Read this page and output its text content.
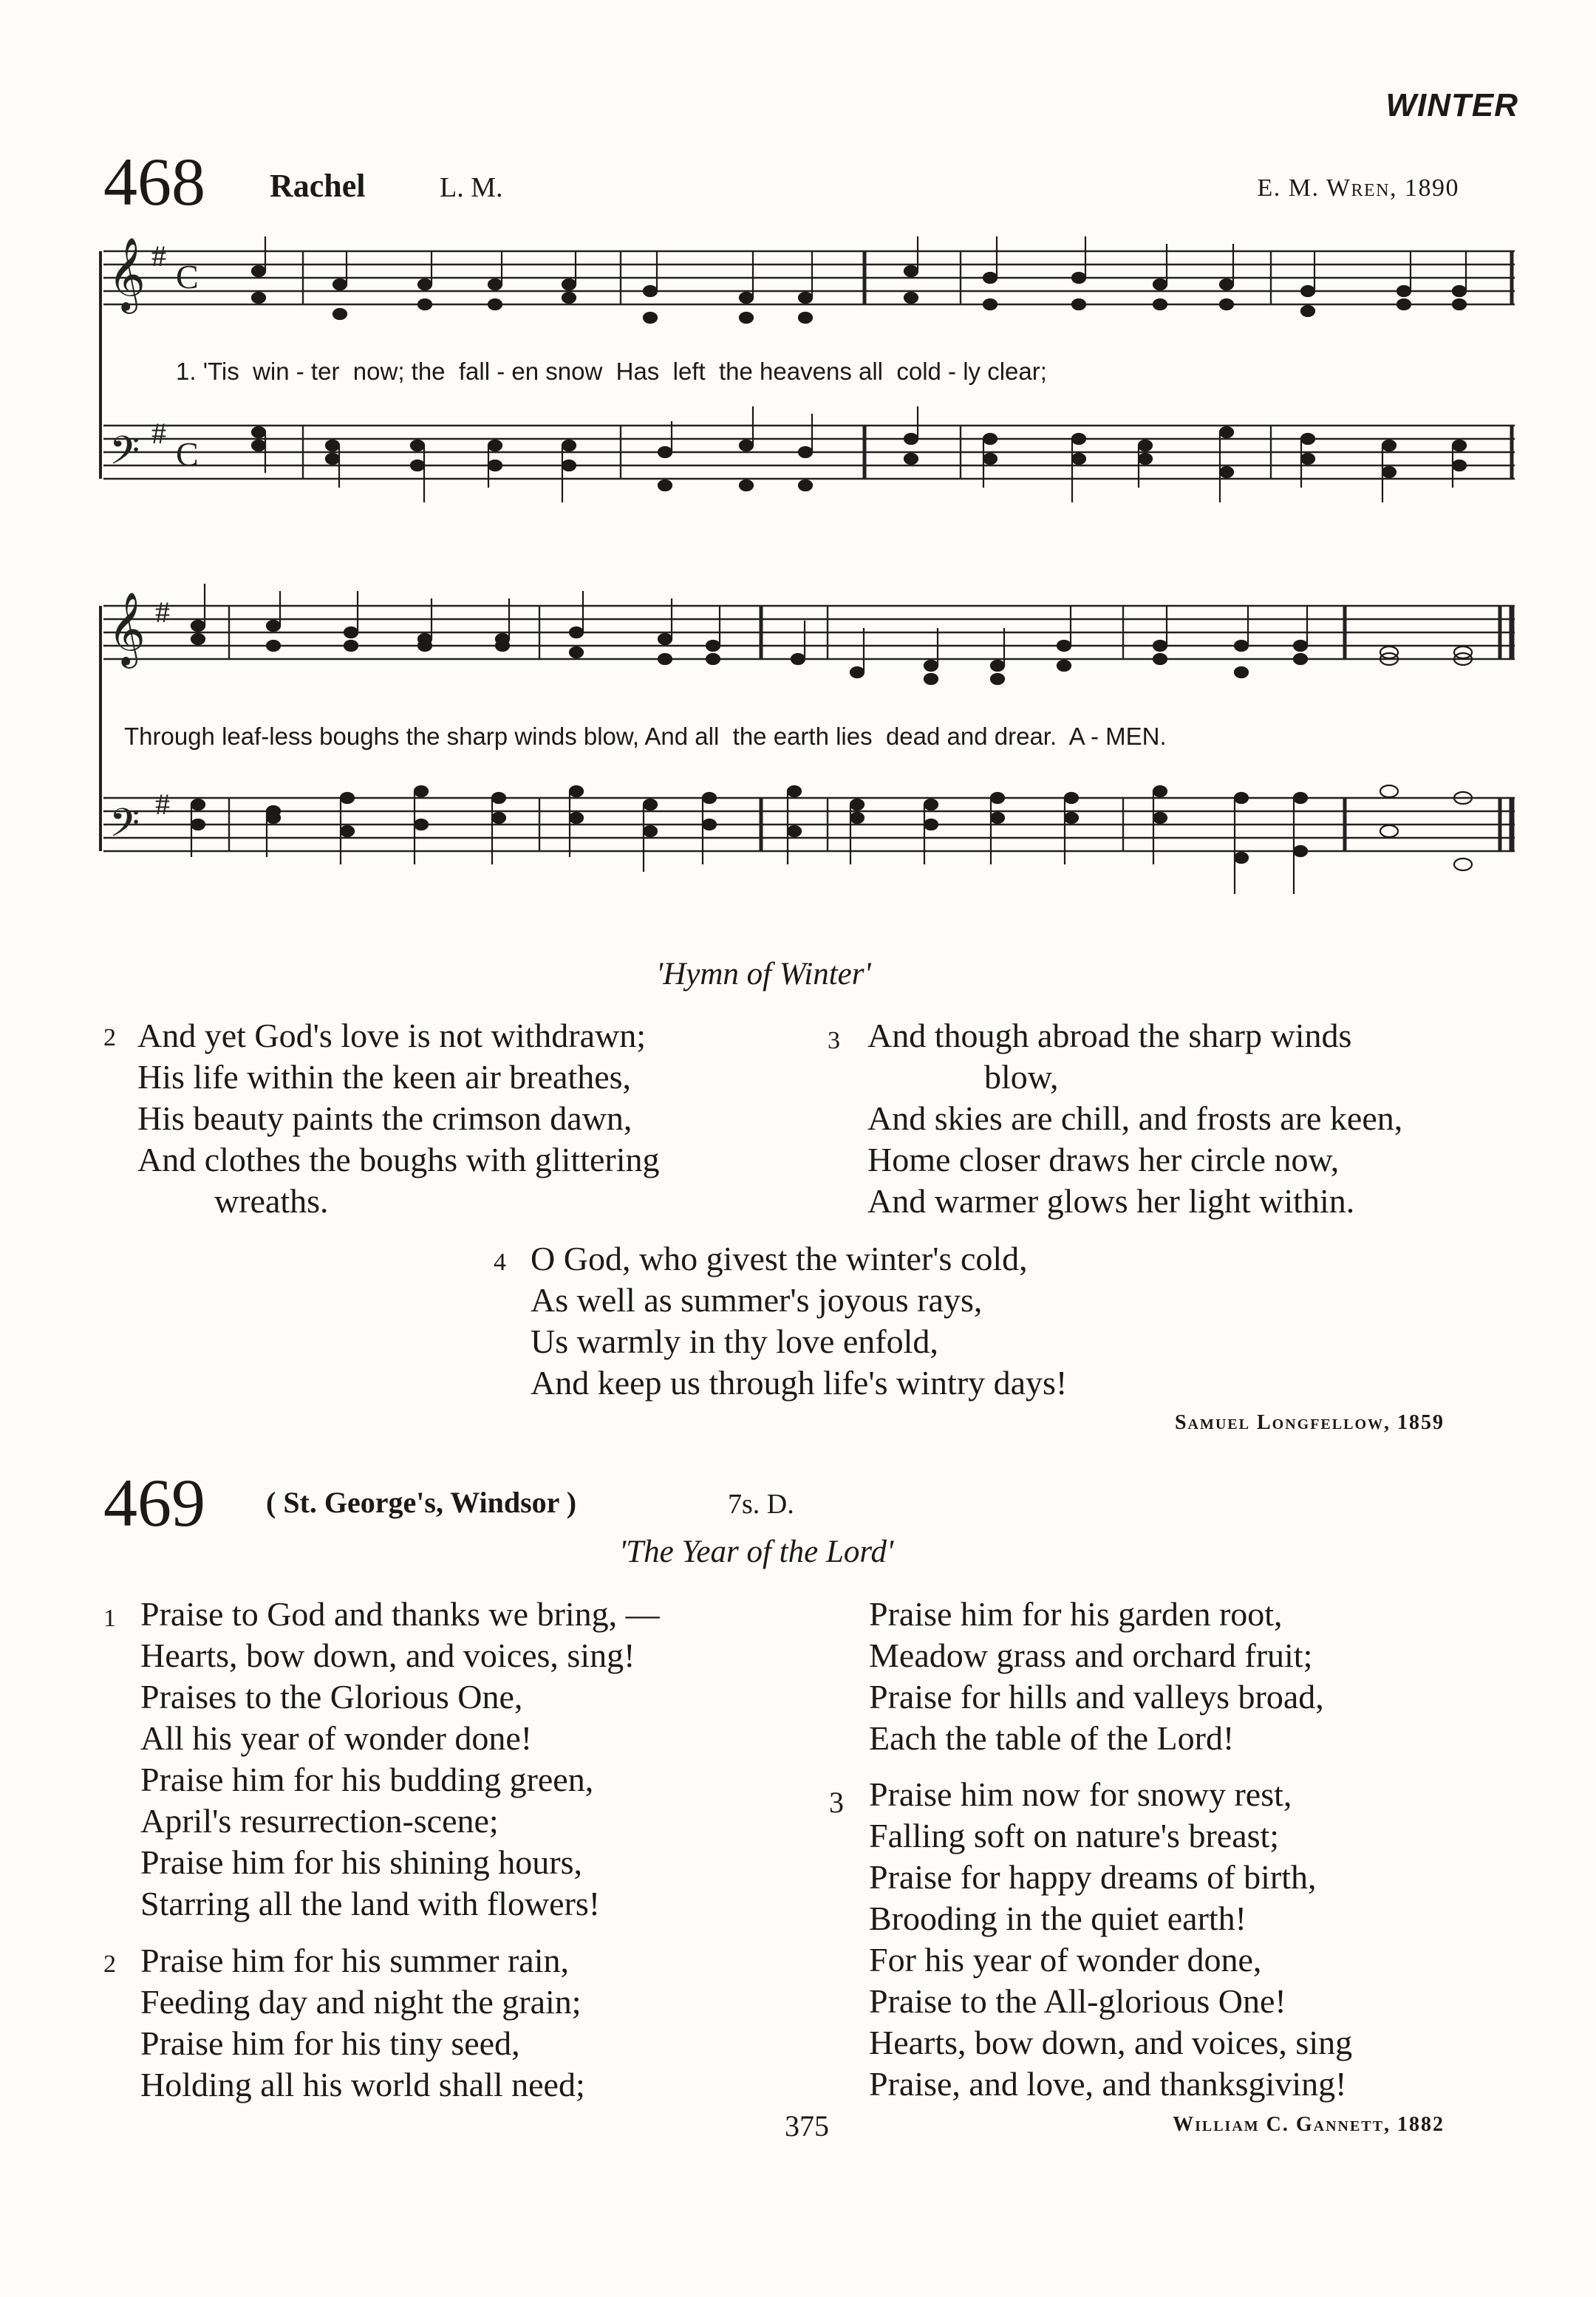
WINTER
468 Rachel	L. M.	E. M. Wren, 1890
𝄞 #
C
𝄢 #
C
1. 'Tis  win - ter  now; the  fall - en snow  Has  left  the heavens all  cold - ly clear;
𝄞 #
𝄢 #
Through leaf-less boughs the sharp winds blow, And all  the earth lies  dead and drear.  A - MEN.
'Hymn of Winter'
2 And yet God's love is not withdrawn;
His life within the keen air breathes,
His beauty paints the crimson dawn,
And clothes the boughs with glittering
wreaths.
3 And though abroad the sharp winds
blow,
And skies are chill, and frosts are keen,
Home closer draws her circle now,
And warmer glows her light within.
4 O God, who givest the winter's cold,
As well as summer's joyous rays,
Us warmly in thy love enfold,
And keep us through life's wintry days!
Samuel Longfellow, 1859
469 ( St. George's, Windsor )	7s. D.
'The Year of the Lord'
1 Praise to God and thanks we bring, —
Hearts, bow down, and voices, sing!
Praises to the Glorious One,
All his year of wonder done!
Praise him for his budding green,
April's resurrection-scene;
Praise him for his shining hours,
Starring all the land with flowers!
2 Praise him for his summer rain,
Feeding day and night the grain;
Praise him for his tiny seed,
Holding all his world shall need;
Praise him for his garden root,
Meadow grass and orchard fruit;
Praise for hills and valleys broad,
Each the table of the Lord!
3 Praise him now for snowy rest,
Falling soft on nature's breast;
Praise for happy dreams of birth,
Brooding in the quiet earth!
For his year of wonder done,
Praise to the All-glorious One!
Hearts, bow down, and voices, sing
Praise, and love, and thanksgiving!
375	William C. Gannett, 1882
